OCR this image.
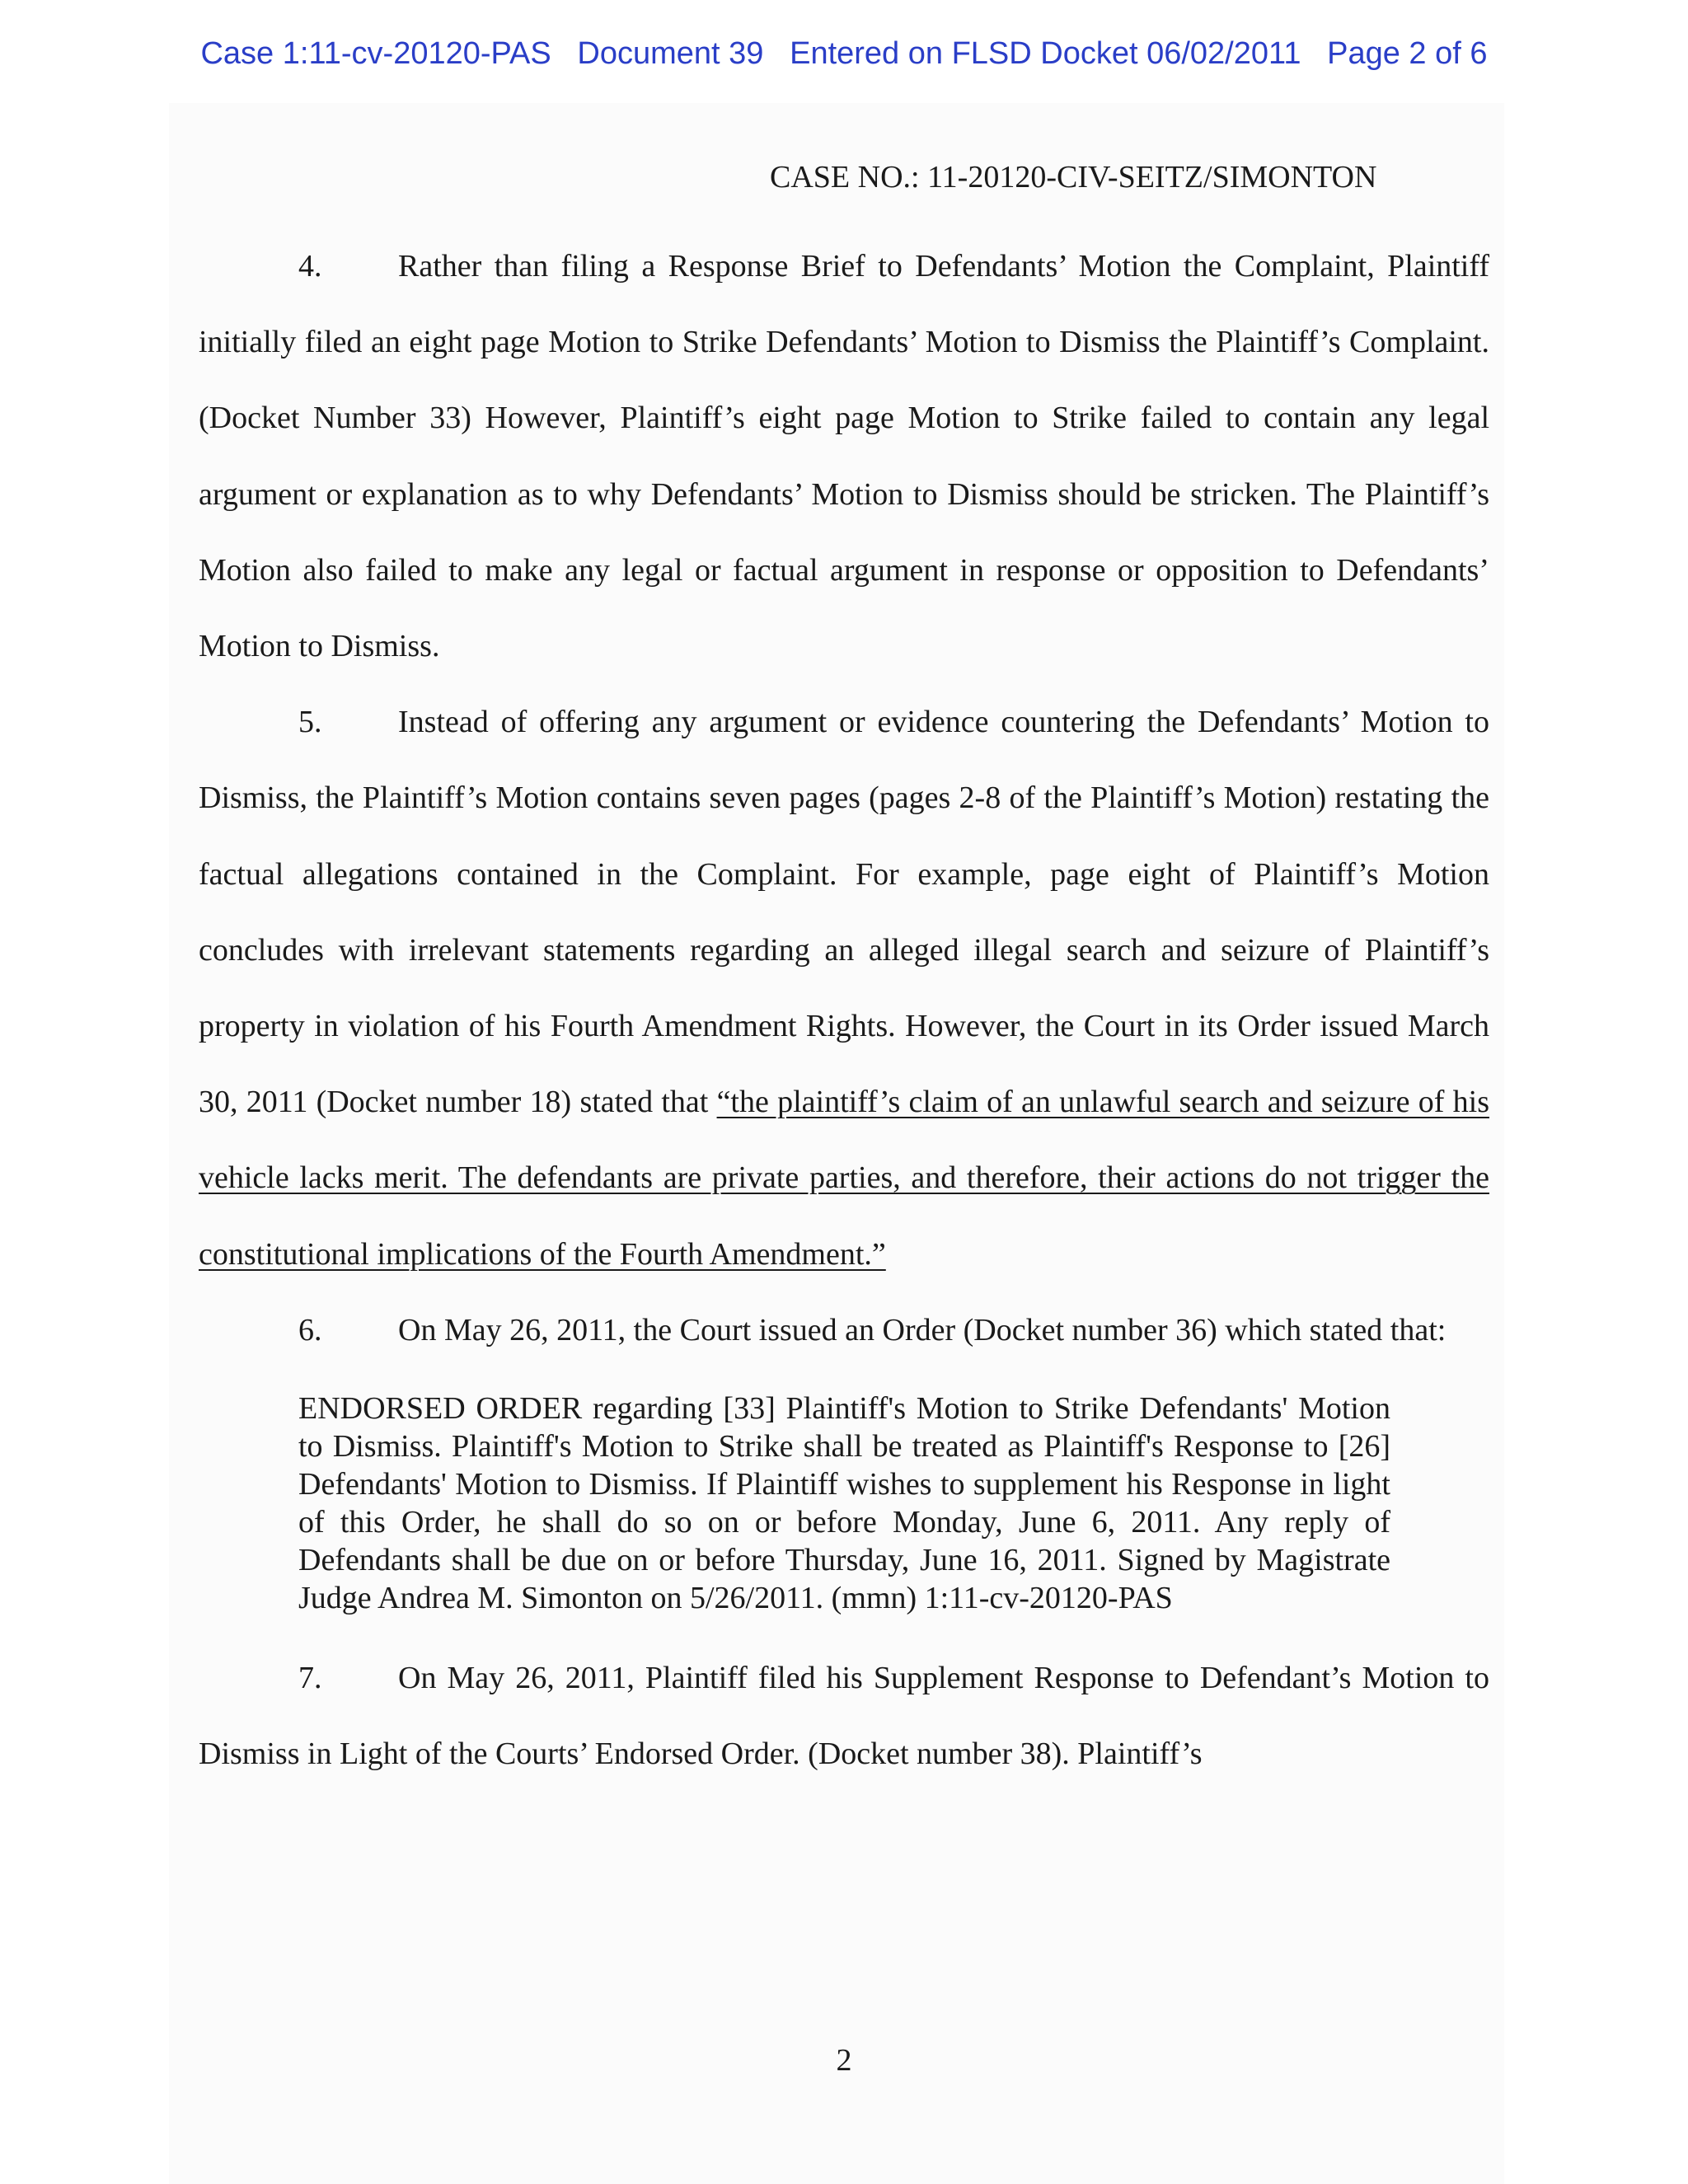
Case 1:11-cv-20120-PAS   Document 39   Entered on FLSD Docket 06/02/2011   Page 2 of 6
CASE NO.: 11-20120-CIV-SEITZ/SIMONTON

4. Rather than filing a Response Brief to Defendants’ Motion the Complaint, Plaintiff initially filed an eight page Motion to Strike Defendants’ Motion to Dismiss the Plaintiff’s Complaint. (Docket Number 33) However, Plaintiff’s eight page Motion to Strike failed to contain any legal argument or explanation as to why Defendants’ Motion to Dismiss should be stricken. The Plaintiff’s Motion also failed to make any legal or factual argument in response or opposition to Defendants’ Motion to Dismiss.

5. Instead of offering any argument or evidence countering the Defendants’ Motion to Dismiss, the Plaintiff’s Motion contains seven pages (pages 2-8 of the Plaintiff’s Motion) restating the factual allegations contained in the Complaint. For example, page eight of Plaintiff’s Motion concludes with irrelevant statements regarding an alleged illegal search and seizure of Plaintiff’s property in violation of his Fourth Amendment Rights. However, the Court in its Order issued March 30, 2011 (Docket number 18) stated that “the plaintiff’s claim of an unlawful search and seizure of his vehicle lacks merit. The defendants are private parties, and therefore, their actions do not trigger the constitutional implications of the Fourth Amendment.”

6. On May 26, 2011, the Court issued an Order (Docket number 36) which stated that:

ENDORSED ORDER regarding [33] Plaintiff's Motion to Strike Defendants' Motion to Dismiss. Plaintiff's Motion to Strike shall be treated as Plaintiff's Response to [26] Defendants' Motion to Dismiss. If Plaintiff wishes to supplement his Response in light of this Order, he shall do so on or before Monday, June 6, 2011. Any reply of Defendants shall be due on or before Thursday, June 16, 2011. Signed by Magistrate Judge Andrea M. Simonton on 5/26/2011. (mmn) 1:11-cv-20120-PAS

7. On May 26, 2011, Plaintiff filed his Supplement Response to Defendant’s Motion to Dismiss in Light of the Courts’ Endorsed Order. (Docket number 38). Plaintiff’s

2
